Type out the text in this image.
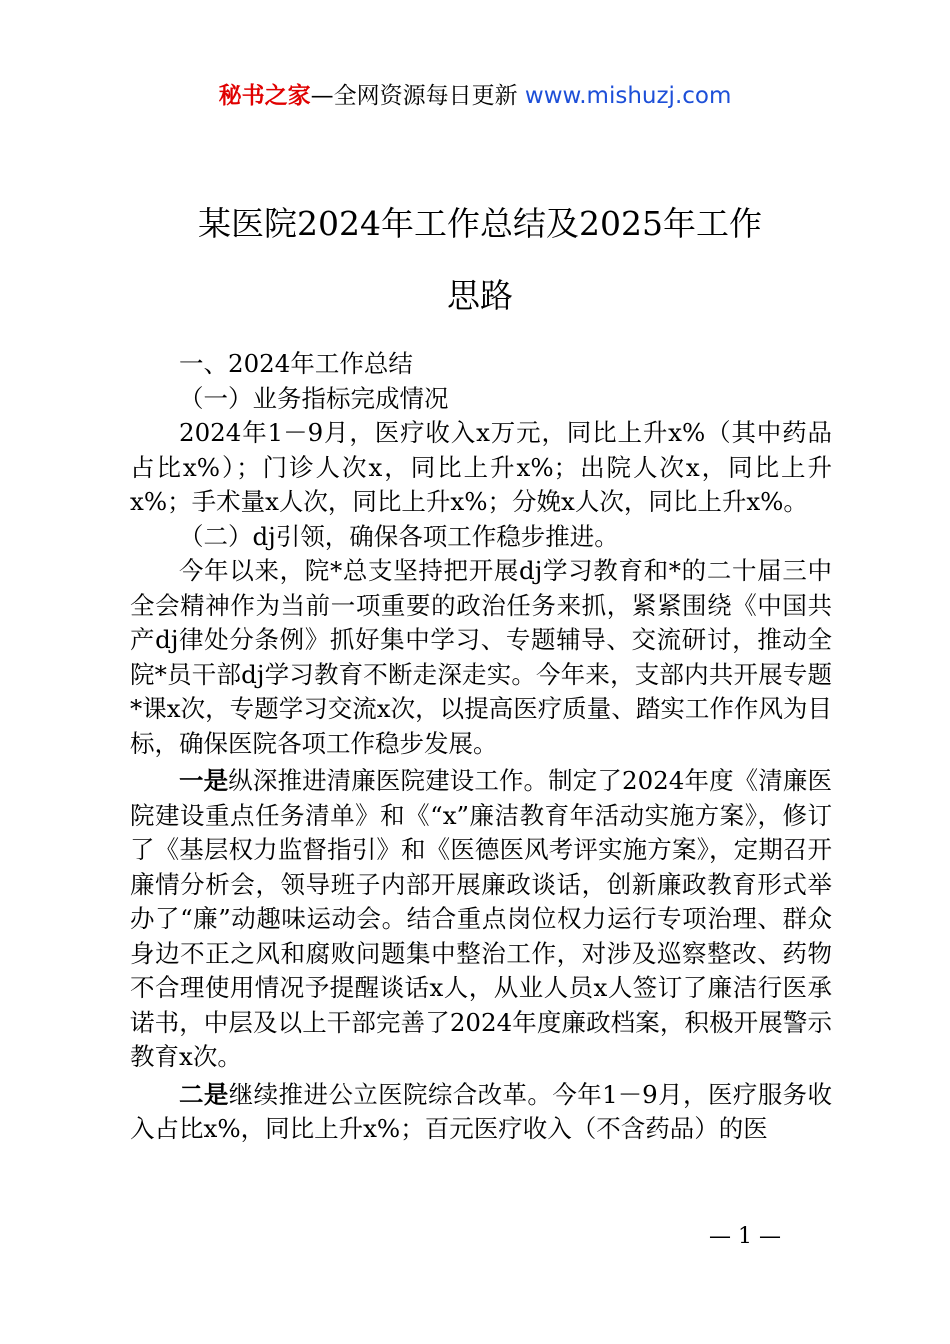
秘书之家—全网资源每日更新 www.mishuzj.com
某医院2024年工作总结及2025年工作
思路

一、2024年工作总结

（一）业务指标完成情况

2024年1－9月，医疗收入x万元，同比上升x%（其中药品占比x%）；门诊人次x，同比上升x%；出院人次x，同比上升x%；手术量x人次，同比上升x%；分娩x人次，同比上升x%。

（二）dj引领，确保各项工作稳步推进。

今年以来，院*总支坚持把开展dj学习教育和*的二十届三中全会精神作为当前一项重要的政治任务来抓，紧紧围绕《中国共产dj律处分条例》抓好集中学习、专题辅导、交流研讨，推动全院*员干部dj学习教育不断走深走实。今年来，支部内共开展专题*课x次，专题学习交流x次，以提高医疗质量、踏实工作作风为目标，确保医院各项工作稳步发展。

一是纵深推进清廉医院建设工作。制定了2024年度《清廉医院建设重点任务清单》和《“x”廉洁教育年活动实施方案》，修订了《基层权力监督指引》和《医德医风考评实施方案》，定期召开廉情分析会，领导班子内部开展廉政谈话，创新廉政教育形式举办了“廉”动趣味运动会。结合重点岗位权力运行专项治理、群众身边不正之风和腐败问题集中整治工作，对涉及巡察整改、药物不合理使用情况予提醒谈话x人，从业人员x人签订了廉洁行医承诺书，中层及以上干部完善了2024年度廉政档案，积极开展警示教育x次。

二是继续推进公立医院综合改革。今年1－9月，医疗服务收入占比x%，同比上升x%；百元医疗收入（不含药品）的医

— 1 —
